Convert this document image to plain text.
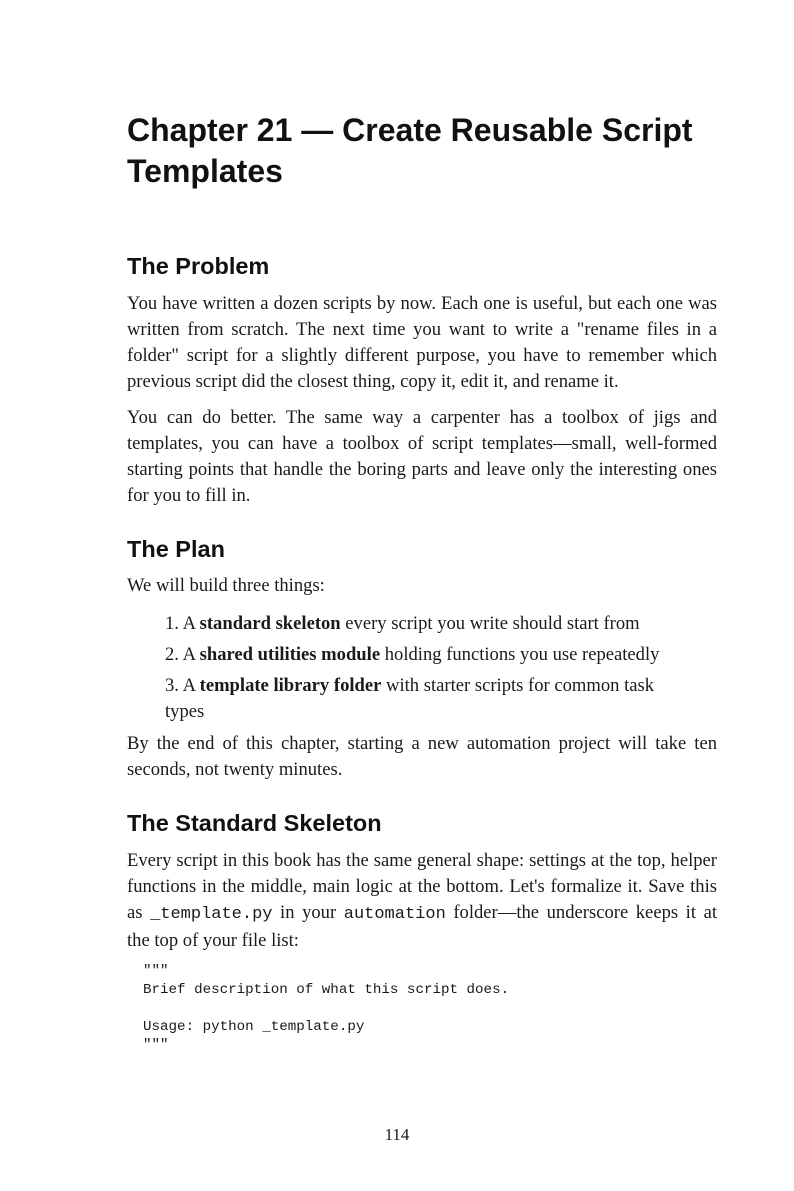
Chapter 21 — Create Reusable Script Templates
The Problem

You have written a dozen scripts by now. Each one is useful, but each one was written from scratch. The next time you want to write a "rename files in a folder" script for a slightly different purpose, you have to remember which previous script did the closest thing, copy it, edit it, and rename it.

You can do better. The same way a carpenter has a toolbox of jigs and templates, you can have a toolbox of script templates—small, well-formed starting points that handle the boring parts and leave only the interesting ones for you to fill in.

The Plan

We will build three things:

1. A standard skeleton every script you write should start from
2. A shared utilities module holding functions you use repeatedly
3. A template library folder with starter scripts for common task types

By the end of this chapter, starting a new automation project will take ten seconds, not twenty minutes.

The Standard Skeleton

Every script in this book has the same general shape: settings at the top, helper functions in the middle, main logic at the bottom. Let's formalize it. Save this as _template.py in your automation folder—the underscore keeps it at the top of your file list:

"""
Brief description of what this script does.

Usage: python _template.py
"""
114
